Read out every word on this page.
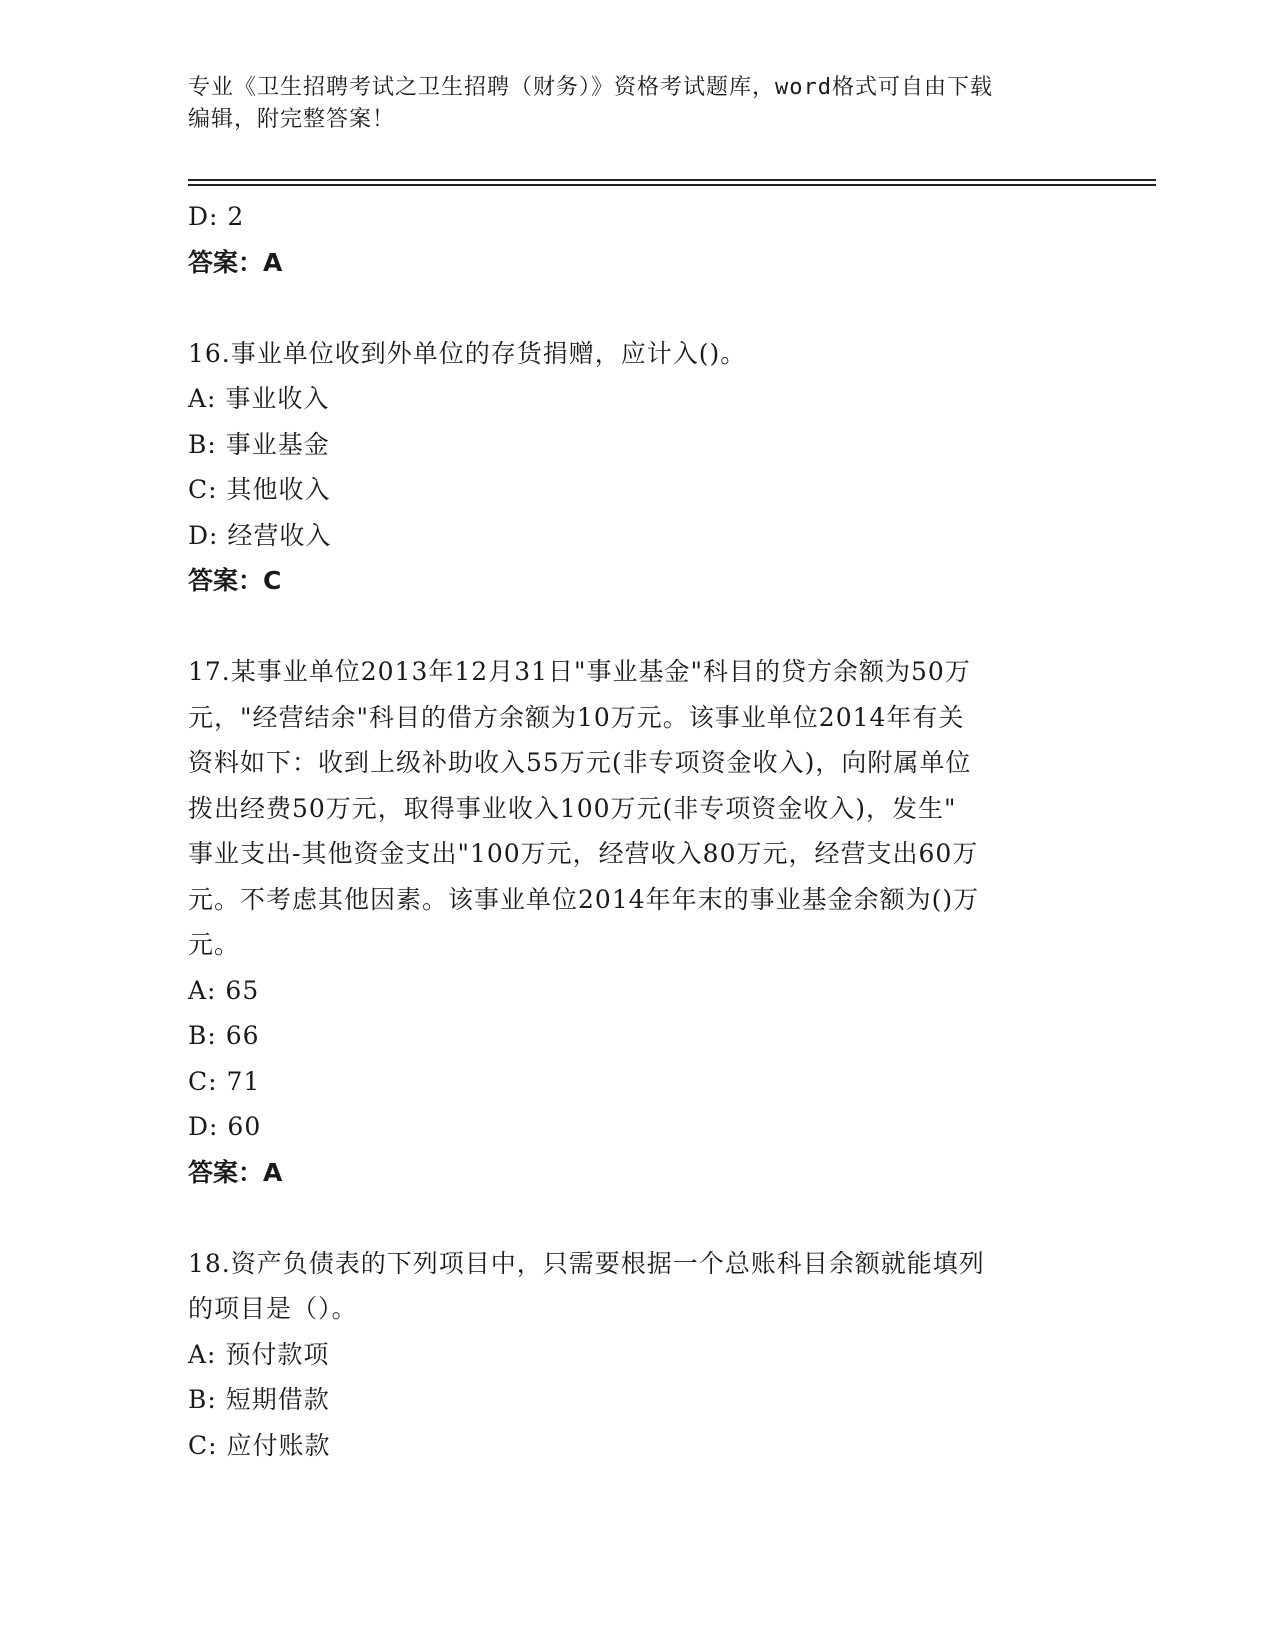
专业《卫生招聘考试之卫生招聘（财务）》资格考试题库，word格式可自由下载
编辑，附完整答案！
D: 2
答案：A
16.事业单位收到外单位的存货捐赠，应计入()。
A: 事业收入
B: 事业基金
C: 其他收入
D: 经营收入
答案：C
17.某事业单位2013年12月31日"事业基金"科目的贷方余额为50万
元，"经营结余"科目的借方余额为10万元。该事业单位2014年有关
资料如下：收到上级补助收入55万元(非专项资金收入)，向附属单位
拨出经费50万元，取得事业收入100万元(非专项资金收入)，发生"
事业支出-其他资金支出"100万元，经营收入80万元，经营支出60万
元。不考虑其他因素。该事业单位2014年年末的事业基金余额为()万
元。
A: 65
B: 66
C: 71
D: 60
答案：A
18.资产负债表的下列项目中，只需要根据一个总账科目余额就能填列
的项目是（）。
A: 预付款项
B: 短期借款
C: 应付账款
